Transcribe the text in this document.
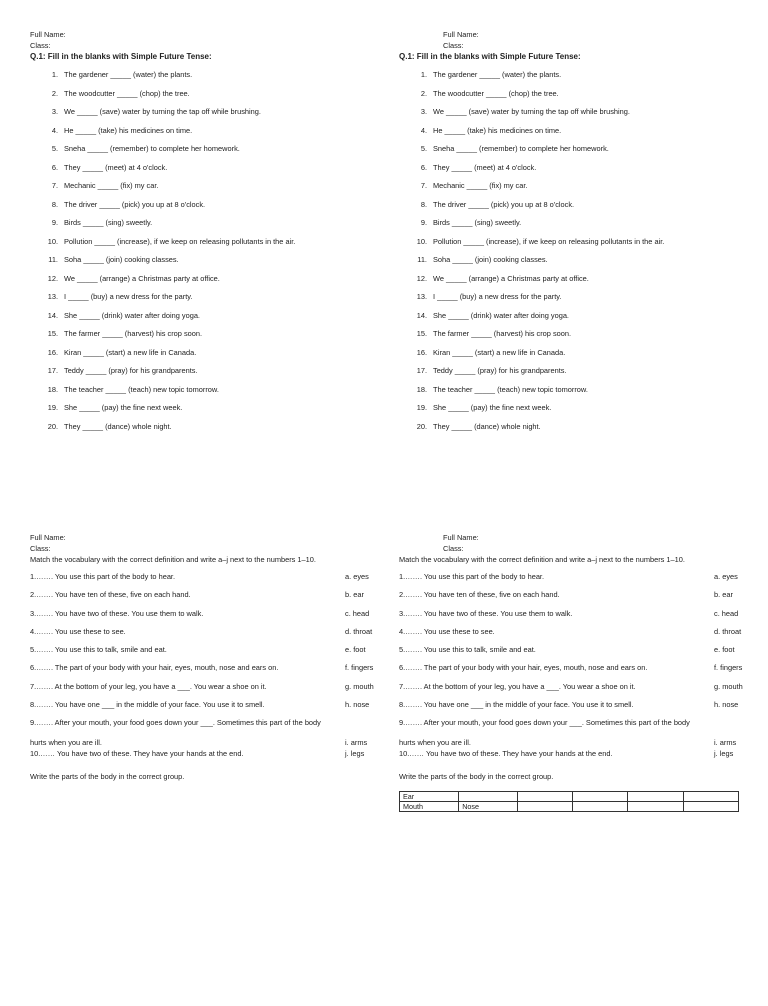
Full Name:
Class:
Q.1: Fill in the blanks with Simple Future Tense:
1. The gardener _____ (water) the plants.
2. The woodcutter _____ (chop) the tree.
3. We _____ (save) water by turning the tap off while brushing.
4. He _____ (take) his medicines on time.
5. Sneha _____ (remember) to complete her homework.
6. They _____ (meet) at 4 o'clock.
7. Mechanic _____ (fix) my car.
8. The driver _____ (pick) you up at 8 o'clock.
9. Birds _____ (sing) sweetly.
10. Pollution _____ (increase), if we keep on releasing pollutants in the air.
11. Soha _____ (join) cooking classes.
12. We _____ (arrange) a Christmas party at office.
13. I _____ (buy) a new dress for the party.
14. She _____ (drink) water after doing yoga.
15. The farmer _____ (harvest) his crop soon.
16. Kiran _____ (start) a new life in Canada.
17. Teddy _____ (pray) for his grandparents.
18. The teacher _____ (teach) new topic tomorrow.
19. She _____ (pay) the fine next week.
20. They _____ (dance) whole night.
Full Name:
Class:
Q.1: Fill in the blanks with Simple Future Tense:
1. The gardener _____ (water) the plants.
2. The woodcutter _____ (chop) the tree.
3. We _____ (save) water by turning the tap off while brushing.
4. He _____ (take) his medicines on time.
5. Sneha _____ (remember) to complete her homework.
6. They _____ (meet) at 4 o'clock.
7. Mechanic _____ (fix) my car.
8. The driver _____ (pick) you up at 8 o'clock.
9. Birds _____ (sing) sweetly.
10. Pollution _____ (increase), if we keep on releasing pollutants in the air.
11. Soha _____ (join) cooking classes.
12. We _____ (arrange) a Christmas party at office.
13. I _____ (buy) a new dress for the party.
14. She _____ (drink) water after doing yoga.
15. The farmer _____ (harvest) his crop soon.
16. Kiran _____ (start) a new life in Canada.
17. Teddy _____ (pray) for his grandparents.
18. The teacher _____ (teach) new topic tomorrow.
19. She _____ (pay) the fine next week.
20. They _____ (dance) whole night.
Full Name:
Class:
Match the vocabulary with the correct definition and write a–j next to the numbers 1–10.
1.……. You use this part of the body to hear.	a. eyes
2.……. You have ten of these, five on each hand.	b. ear
3.……. You have two of these. You use them to walk.	c. head
4.……. You use these to see.	d. throat
5.……. You use this to talk, smile and eat.	e. foot
6.……. The part of your body with your hair, eyes, mouth, nose and ears on.	f. fingers
7.……. At the bottom of your leg, you have a ___. You wear a shoe on it.	g. mouth
8.……. You have one ___ in the middle of your face. You use it to smell.	h. nose
9.……. After your mouth, your food goes down your ___. Sometimes this part of the body
hurts when you are ill.	i. arms
10.…… You have two of these. They have your hands at the end.	j. legs
Write the parts of the body in the correct group.
Full Name:
Class:
Match the vocabulary with the correct definition and write a–j next to the numbers 1–10.
1.……. You use this part of the body to hear.	a. eyes
2.……. You have ten of these, five on each hand.	b. ear
3.……. You have two of these. You use them to walk.	c. head
4.……. You use these to see.	d. throat
5.……. You use this to talk, smile and eat.	e. foot
6.……. The part of your body with your hair, eyes, mouth, nose and ears on.	f. fingers
7.……. At the bottom of your leg, you have a ___. You wear a shoe on it.	g. mouth
8.……. You have one ___ in the middle of your face. You use it to smell.	h. nose
9.……. After your mouth, your food goes down your ___. Sometimes this part of the body
hurts when you are ill.	i. arms
10.…… You have two of these. They have your hands at the end.	j. legs
Write the parts of the body in the correct group.
Ear					
Mouth	Nose				
